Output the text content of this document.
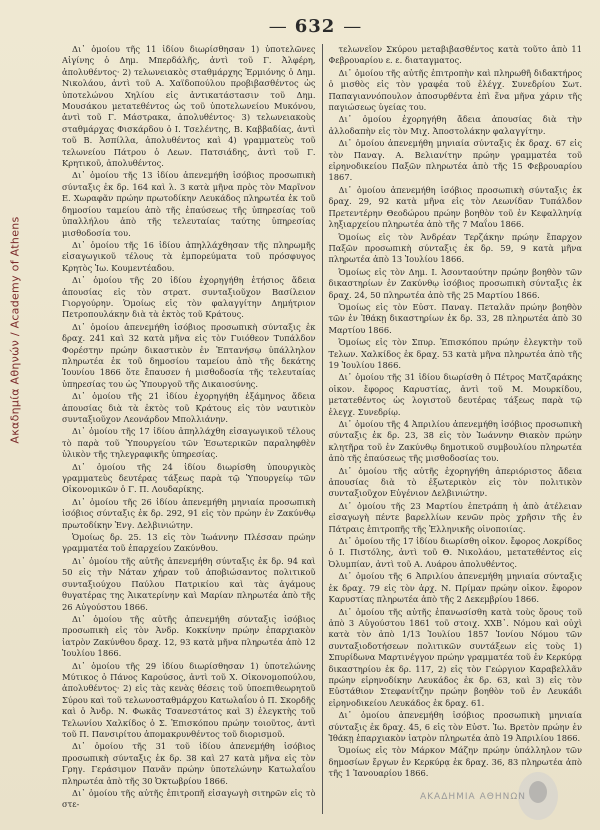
Ακαδημία Αθηνών / Academy of Athens
— 632 —

Δι᾽ ὁμοίου τῆς 11 ἰδίου διωρίσθησαν 1) ὑποτελῶνες Αἰγίνης ὁ Δημ. Μπερδάλῆς, ἀντὶ τοῦ Γ. Ἀλφέρη, ἀπολυθέντος· 2) τελωνειακὸς σταθμάρχης Ἑρμιόνης ὁ Δημ. Νικολάου, ἀντὶ τοῦ Α. Χαϊδοπούλου προβιβασθέντος ὡς ὑποτελώνου Χηλίου εἰς ἀντικατάστασιν τοῦ Δημ. Μουσάκου μετατεθέντος ὡς τοῦ ὑποτελωνείου Μυκόνου, ἀντὶ τοῦ Γ. Μάστρακα, ἀπολυθέντος· 3) τελωνειακοὺς σταθμάρχας Φισκάρδου ὁ Ι. Τσελέντης, Β. Καββαδίας, ἀντὶ τοῦ Β. Ἀσπίλλα, ἀπολυθέντος καὶ 4) γραμματεὺς τοῦ τελωνείου Πάτρου ὁ Λεων. Πατσιάδης, ἀντὶ τοῦ Γ. Κρητικοῦ, ἀπολυθέντος.

Δι᾽ ὁμοίου τῆς 13 ἰδίου ἀπενεμήθη ἰσόβιος προσωπικὴ σύνταξις ἐκ δρ. 164 καὶ λ. 3 κατὰ μῆνα πρὸς τὸν Μαρῖνον Ε. Χωραφᾶν πρώην πρωτοδίκην Λευκάδος πληρωτέα ἐκ τοῦ δημοσίου ταμείου ἀπὸ τῆς ἐπαύσεως τῆς ὑπηρεσίας τοῦ ὑπαλλήλου ἀπὸ τῆς τελευταίας ταύτης ὑπηρεσίας μισθοδοσία του.

Δι᾽ ὁμοίου τῆς 16 ἰδίου ἀπηλλάχθησαν τῆς πληρωμῆς εἰσαγωγικοῦ τέλους τὰ ἐμπορεύματα τοῦ πρόσφυγος Κρητὸς Ἰω. Κουμεντέαδου.

Δι᾽ ὁμοίου τῆς 20 ἰδίου ἐχορηγήθη ἐτήσιος ἄδεια ἀπουσίας εἰς τὸν στρατ. συνταξιοῦχον Βασίλειον Γιοργούρην. Ὁμοίως εἰς τὸν φαλαγγίτην Δημήτριον Πετροπουλάκην διὰ τὰ ἐκτὸς τοῦ Κράτους.

Δι᾽ ὁμοίου ἀπενεμήθη ἰσόβιος προσωπικὴ σύνταξις ἐκ δραχ. 241 καὶ 32 κατὰ μῆνα εἰς τὸν Γυιόθεον Τυπάλδον Φορέστην πρώην δικαστικὸν ἐν Ἐπτανήσῳ ὑπάλληλον πληρωτέα ἐκ τοῦ δημοσίου ταμείου ἀπὸ τῆς δεκάτης Ἰουνίου 1866 ὅτε ἔπαυσεν ἡ μισθοδοσία τῆς τελευταίας ὑπηρεσίας του ὡς Ὑπουργοῦ τῆς Δικαιοσύνης.

Δι᾽ ὁμοίου τῆς 21 ἰδίου ἐχορηγήθη ἑξάμηνος ἄδεια ἀπουσίας διὰ τὰ ἐκτὸς τοῦ Κράτους εἰς τὸν ναυτικὸν συνταξιοῦχον Λεονάρδον Μπολλιάνην.

Δι᾽ ὁμοίου τῆς 17 ἰδίου ἀπηλλάχθη εἰσαγωγικοῦ τέλους τὸ παρὰ τοῦ Ὑπουργείου τῶν Ἐσωτερικῶν παραληφθὲν ὑλικὸν τῆς τηλεγραφικῆς ὑπηρεσίας.

Δι᾽ ὁμοίου τῆς 24 ἰδίου διωρίσθη ὑπουργικὸς γραμματεὺς δευτέρας τάξεως παρὰ τῷ Ὑπουργείῳ τῶν Οἰκονομικῶν ὁ Γ. Π. Λουδαρίκης.

Δι᾽ ὁμοίου τῆς 26 ἰδίου ἀπενεμήθη μηνιαία προσωπικὴ ἰσόβιος σύνταξις ἐκ δρ. 292, 91 εἰς τὸν πρώην ἐν Ζακύνθῳ πρωτοδίκην Ἐνγ. Δελβινιώτην.

Ὁμοίως δρ. 25. 13 εἰς τὸν Ἰωάννην Πλέσσαν πρώην γραμματέα τοῦ ἐπαρχείου Ζακύνθου.

Δι᾽ ὁμοίου τῆς αὐτῆς ἀπενεμήθη σύνταξις ἐκ δρ. 94 καὶ 50 εἰς τὴν Νάταν χήραν τοῦ ἀποβιώσαντος πολιτικοῦ συνταξιούχου Παύλου Πατρικίου καὶ τὰς ἀγάμους θυγατέρας της Ἀικατερίνην καὶ Μαρίαν πληρωτέα ἀπὸ τῆς 26 Αὐγούστου 1866.

Δι᾽ ὁμοίου τῆς αὐτῆς ἀπενεμήθη σύνταξις ἰσόβιος προσωπικὴ εἰς τὸν Ἀνδρ. Κοκκίνην πρώην ἐπαρχιακὸν ἰατρὸν Ζακύνθου δραχ. 12, 93 κατὰ μῆνα πληρωτέα ἀπὸ 12 Ἰουλίου 1866.

Δι᾽ ὁμοίου τῆς 29 ἰδίου διωρίσθησαν 1) ὑποτελώνης Μύτικος ὁ Πάνος Καρούσος, ἀντὶ τοῦ Χ. Οἰκονομοπούλου, ἀπολυθέντος· 2) εἰς τὰς κενὰς θέσεις τοῦ ὑποεπιθεωρητοῦ Σύρου καὶ τοῦ τελωνοσταθμάρχου Κατωλαΐου ὁ Π. Σκορδῆς καὶ ὁ Ἀνδρ. Ν. Φωκᾶς Τσανεστάτος καὶ 3) ἐλεγκτὴς τοῦ Τελωνίου Χαλκίδος ὁ Σ. Ἐπισκόπου πρώην τοιοῦτος, ἀντὶ τοῦ Π. Πανσιρίτου ἀπομακρυνθέντος τοῦ διορισμοῦ.

Δι᾽ ὁμοίου τῆς 31 τοῦ ἰδίου ἀπενεμήθη ἰσόβιος προσωπικὴ σύνταξις ἐκ δρ. 38 καὶ 27 κατὰ μῆνα εἰς τὸν Γρηγ. Γεράσιμον Πανᾶν πρώην ὑποτελώνην Κατωλαΐου πληρωτέα ἀπὸ τῆς 30 Ὀκτωβρίου 1866.

Δι᾽ ὁμοίου τῆς αὐτῆς ἐπιτροπῆ εἰσαγωγὴ σιτηρῶν εἰς τὸ στε-

τελωνεῖον Σκύρου μεταβιβασθέντος κατὰ τοῦτο ἀπὸ 11 Φεβρουαρίου ε. ε. διαταγματος.

Δι᾽ ὁμοίου τῆς αὐτῆς ἐπιτροπὴν καὶ πληρωθῆ διδακτήρος ὁ μισθὸς εἰς τὸν γραφέα τοῦ ἐλέγχ. Συνεδρίου Σωτ. Παπαγιαννόπουλον ἀποσυρθέντα ἐπὶ ἕνα μῆνα χάριν τῆς παγιώσεως ὑγείας του.

Δι᾽ ὁμοίου ἐχορηγήθη ἄδεια ἀπουσίας διὰ τὴν ἀλλοδαπὴν εἰς τὸν Μιχ. Ἀποστολάκην φαλαγγίτην.

Δι᾽ ὁμοίου ἀπενεμήθη μηνιαία σύνταξις ἐκ δραχ. 67 εἰς τὸν Παναγ. Α. Βελιανίτην πρώην γραμματέα τοῦ εἰρηνοδικείου Παξῶν πληρωτέα ἀπὸ τῆς 15 Φεβρουαρίου 1867.

Δι᾽ ὁμοίου ἀπενεμήθη ἰσόβιος προσωπικὴ σύνταξις ἐκ δραχ. 29, 92 κατὰ μῆνα εἰς τὸν Λεωνίδαν Τυπάλδον Πρετεντέρην Θεοδώρου πρώην βοηθὸν τοῦ ἐν Κεφαλληνίᾳ ληξιαρχείου πληρωτέα ἀπὸ τῆς 7 Μαΐου 1866.

Ὁμοίως εἰς τὸν Ἀνδρέαν Τερζάκην πρώην ἔπαρχον Παξῶν προσωπικὴ σύνταξις ἐκ δρ. 59, 9 κατὰ μῆνα πληρωτέα ἀπὸ 13 Ἰουλίου 1866.

Ὁμοίως εἰς τὸν Δημ. Ι. Ἀσονταούτην πρώην βοηθὸν τῶν δικαστηρίων ἐν Ζακύνθῳ ἰσόβιος προσωπικὴ σύνταξις ἐκ δραχ. 24, 50 πληρωτέα ἀπὸ τῆς 25 Μαρτίου 1866.

Ὁμοίως εἰς τὸν Εὐστ. Παναγ. Πεταλᾶν πρώην βοηθὸν τῶν ἐν Ἰθάκῃ δικαστηρίων ἐκ δρ. 33, 28 πληρωτέα ἀπὸ 30 Μαρτίου 1866.

Ὁμοίως εἰς τὸν Σπυρ. Ἐπισκόπου πρώην ἐλεγκτὴν τοῦ Τελων. Χαλκίδος ἐκ δραχ. 53 κατὰ μῆνα πληρωτέα ἀπὸ τῆς 19 Ἰουλίου 1866.

Δι᾽ ὁμοίου τῆς 31 ἰδίου διωρίσθη ὁ Πέτρος Ματζαράκης οἰκον. ἔφορος Καρυστίας, ἀντὶ τοῦ Μ. Μουρκίδου, μετατεθέντος ὡς λογιστοῦ δευτέρας τάξεως παρὰ τῷ ἐλεγχ. Συνεδρίῳ.

Δι᾽ ὁμοίου τῆς 4 Ἀπριλίου ἀπενεμήθη ἰσόβιος προσωπικὴ σύνταξις ἐκ δρ. 23, 38 εἰς τὸν Ἰωάννην Θιακὸν πρώην κλητῆρα τοῦ ἐν Ζακύνθῳ δημοτικοῦ συμβουλίου πληρωτέα ἀπὸ τῆς ἐπαύσεως τῆς μισθοδοσίας του.

Δι᾽ ὁμοίου τῆς αὐτῆς ἐχορηγήθη ἀπεριόριστος ἄδεια ἀπουσίας διὰ τὸ ἐξωτερικὸν εἰς τὸν πολιτικὸν συνταξιοῦχον Εὐγένιον Δελβινιώτην.

Δι᾽ ὁμοίου τῆς 23 Μαρτίου ἐπετράπη ἡ ἀπὸ ἀτέλειαν εἰσαγωγὴ πέντε βαρελλίων κενῶν πρὸς χρῆσιν τῆς ἐν Πάτραις ἐπιτροπῆς τῆς Ἑλληνικῆς οἰνοποιίας.

Δι᾽ ὁμοίου τῆς 17 ἰδίου διωρίσθη οἰκον. ἔφορος Λοκρίδος ὁ Ι. Πιστόλης, ἀντὶ τοῦ Θ. Νικολάου, μετατεθέντος εἰς Ὀλυμπίαν, ἀντὶ τοῦ Α. Λυάρου ἀπολυθέντος.

Δι᾽ ὁμοίου τῆς 6 Ἀπριλίου ἀπενεμήθη μηνιαία σύνταξις ἐκ δραχ. 79 εἰς τὸν ἀρχ. Ν. Πρίμαν πρώην οἰκον. ἔφορον Καρυστίας πληρωτέα ἀπὸ τῆς 2 Δεκεμβρίου 1866.

Δι᾽ ὁμοίου τῆς αὐτῆς ἐπανωσίσθη κατὰ τοὺς ὅρους τοῦ ἀπὸ 3 Αὐγούστου 1861 τοῦ στοιχ. ΧΧΒ᾽. Νόμου καὶ οὐχὶ κατὰ τὸν ἀπὸ 1/13 Ἰουλίου 1857 Ἰονίου Νόμου τῶν συνταξιοδοτήσεων πολιτικῶν συντάξεων εἰς τοὺς 1) Σπυρίδωνα Μαρτινέγγον πρώην γραμματέα τοῦ ἐν Κερκύρᾳ δικαστηρίου ἐκ δρ. 117, 2) εἰς τὸν Γεώργιον Καραβελλᾶν πρώην εἰρηνοδίκην Λευκάδος ἐκ δρ. 63, καὶ 3) εἰς τὸν Εὐστάθιον Στεφανίτζην πρώην βοηθὸν τοῦ ἐν Λευκάδι εἰρηνοδικείου Λευκάδος ἐκ δραχ. 61.

Δι᾽ ὁμοίου ἀπενεμήθη ἰσόβιος προσωπικὴ μηνιαία σύνταξις ἐκ δραχ. 45, 6 εἰς τὸν Εὐστ. Ἰω. Βρετὸν πρώην ἐν Ἰθάκῃ ἐπαρχιακὸν ἰατρὸν πληρωτέα ἀπὸ 19 Ἀπριλίου 1866.

Ὁμοίως εἰς τὸν Μάρκον Μάζην πρώην ὑπάλληλον τῶν δημοσίων ἔργων ἐν Κερκύρᾳ ἐκ δραχ. 36, 83 πληρωτέα ἀπὸ τῆς 1 Ἰανουαρίου 1866.

ΑΚΑΔΗΜΙΑ ΑΘΗΝΩΝ
